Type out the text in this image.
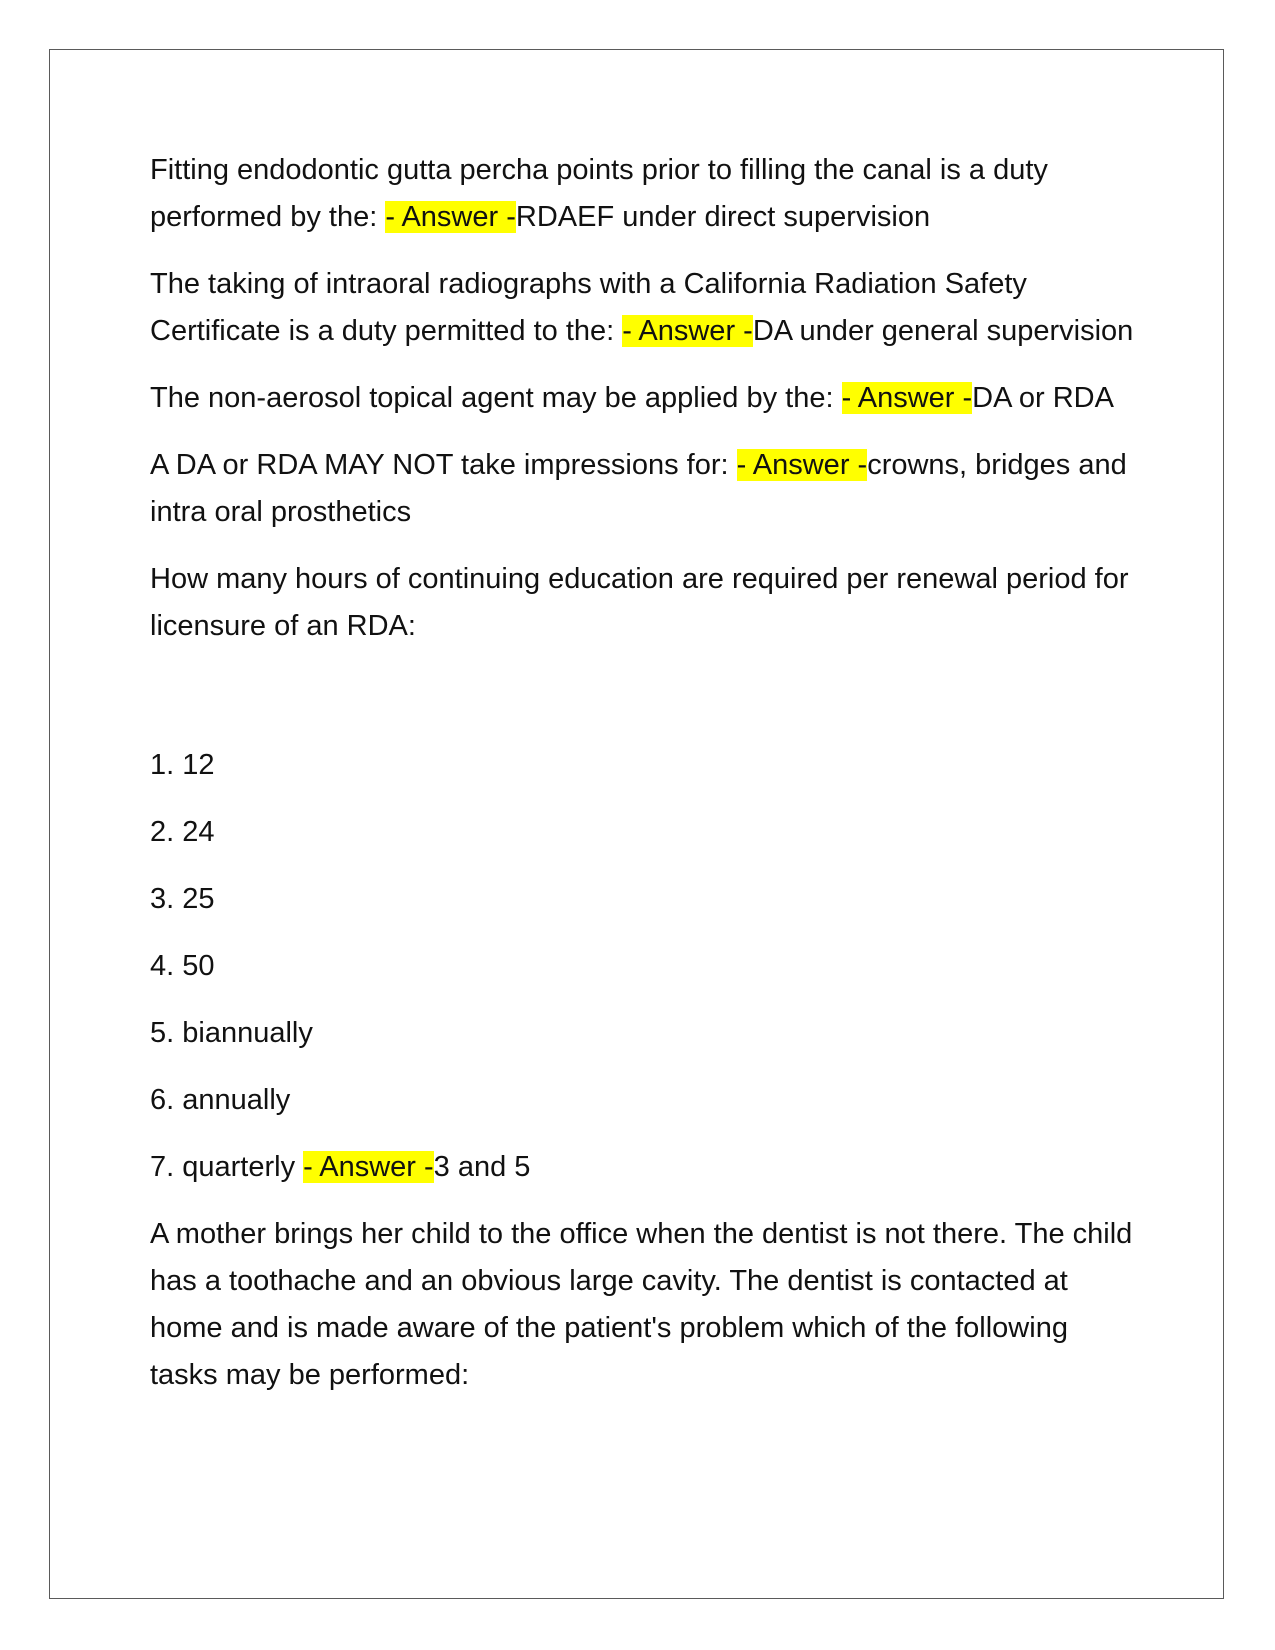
Fitting endodontic gutta percha points prior to filling the canal is a duty performed by the: - Answer -RDAEF under direct supervision

The taking of intraoral radiographs with a California Radiation Safety Certificate is a duty permitted to the: - Answer -DA under general supervision

The non-aerosol topical agent may be applied by the: - Answer -DA or RDA

A DA or RDA MAY NOT take impressions for: - Answer -crowns, bridges and intra oral prosthetics

How many hours of continuing education are required per renewal period for licensure of an RDA:

1. 12
2. 24
3. 25
4. 50
5. biannually
6. annually
7. quarterly - Answer -3 and 5

A mother brings her child to the office when the dentist is not there. The child has a toothache and an obvious large cavity. The dentist is contacted at home and is made aware of the patient's problem which of the following tasks may be performed:
